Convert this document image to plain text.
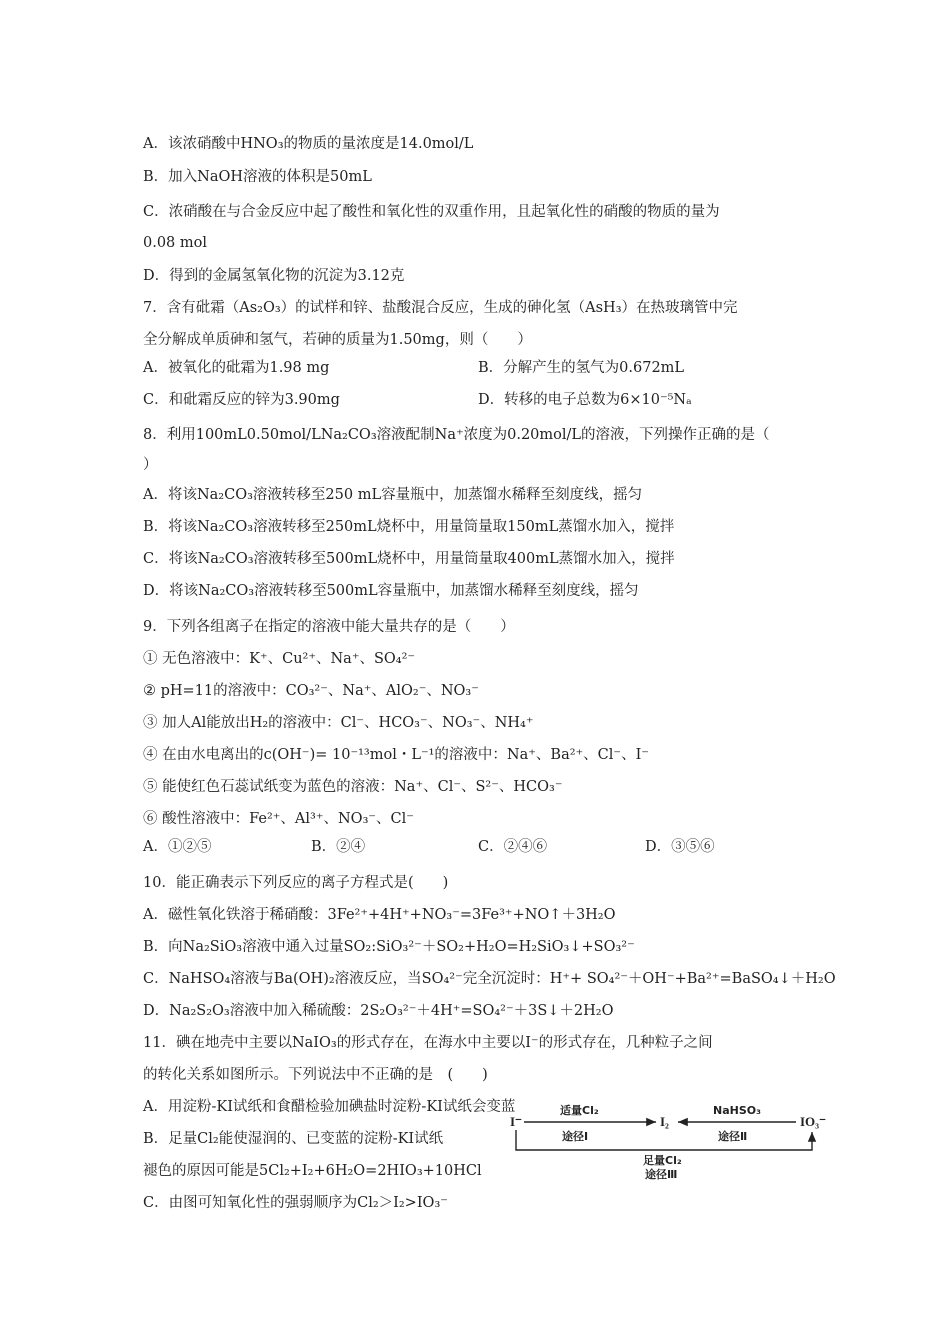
A．该浓硝酸中HNO₃的物质的量浓度是14.0mol/L
B．加入NaOH溶液的体积是50mL
C．浓硝酸在与合金反应中起了酸性和氧化性的双重作用，且起氧化性的硝酸的物质的量为
0.08 mol
D．得到的金属氢氧化物的沉淀为3.12克
7．含有砒霜（As₂O₃）的试样和锌、盐酸混合反应，生成的砷化氢（AsH₃）在热玻璃管中完
全分解成单质砷和氢气，若砷的质量为1.50mg，则（　　）
A．被氧化的砒霜为1.98 mg	B．分解产生的氢气为0.672mL
C．和砒霜反应的锌为3.90mg	D．转移的电子总数为6×10⁻⁵Nₐ
8．利用100mL0.50mol/LNa₂CO₃溶液配制Na⁺浓度为0.20mol/L的溶液，下列操作正确的是（
）
A．将该Na₂CO₃溶液转移至250 mL容量瓶中，加蒸馏水稀释至刻度线，摇匀
B．将该Na₂CO₃溶液转移至250mL烧杯中，用量筒量取150mL蒸馏水加入，搅拌
C．将该Na₂CO₃溶液转移至500mL烧杯中，用量筒量取400mL蒸馏水加入，搅拌
D．将该Na₂CO₃溶液转移至500mL容量瓶中，加蒸馏水稀释至刻度线，摇匀
9．下列各组离子在指定的溶液中能大量共存的是（　　）
① 无色溶液中：K⁺、Cu²⁺、Na⁺、SO₄²⁻
② pH=11的溶液中：CO₃²⁻、Na⁺、AlO₂⁻、NO₃⁻
③ 加人Al能放出H₂的溶液中：Cl⁻、HCO₃⁻、NO₃⁻、NH₄⁺
④ 在由水电离出的c(OH⁻)= 10⁻¹³mol・L⁻¹的溶液中：Na⁺、Ba²⁺、Cl⁻、I⁻
⑤ 能使红色石蕊试纸变为蓝色的溶液：Na⁺、Cl⁻、S²⁻、HCO₃⁻
⑥ 酸性溶液中：Fe²⁺、Al³⁺、NO₃⁻、Cl⁻
A．①②⑤	B．②④	C．②④⑥	D．③⑤⑥
10．能正确表示下列反应的离子方程式是(　　)
A．磁性氧化铁溶于稀硝酸：3Fe²⁺+4H⁺+NO₃⁻=3Fe³⁺+NO↑＋3H₂O
B．向Na₂SiO₃溶液中通入过量SO₂:SiO₃²⁻＋SO₂+H₂O=H₂SiO₃↓+SO₃²⁻
C．NaHSO₄溶液与Ba(OH)₂溶液反应，当SO₄²⁻完全沉淀时：H⁺+ SO₄²⁻＋OH⁻+Ba²⁺=BaSO₄↓＋H₂O
D．Na₂S₂O₃溶液中加入稀硫酸：2S₂O₃²⁻＋4H⁺=SO₄²⁻＋3S↓＋2H₂O
11．碘在地壳中主要以NaIO₃的形式存在，在海水中主要以I⁻的形式存在，几种粒子之间
的转化关系如图所示。下列说法中不正确的是　(　　)
A．用淀粉-KI试纸和食醋检验加碘盐时淀粉-KI试纸会变蓝
B．足量Cl₂能使湿润的、已变蓝的淀粉-KI试纸
褪色的原因可能是5Cl₂+I₂+6H₂O=2HIO₃+10HCl
C．由图可知氧化性的强弱顺序为Cl₂＞I₂>IO₃⁻
I⁻	I₂	IO₃⁻
适量Cl₂
途径Ⅰ
NaHSO₃
途径Ⅱ
足量Cl₂
途径Ⅲ
